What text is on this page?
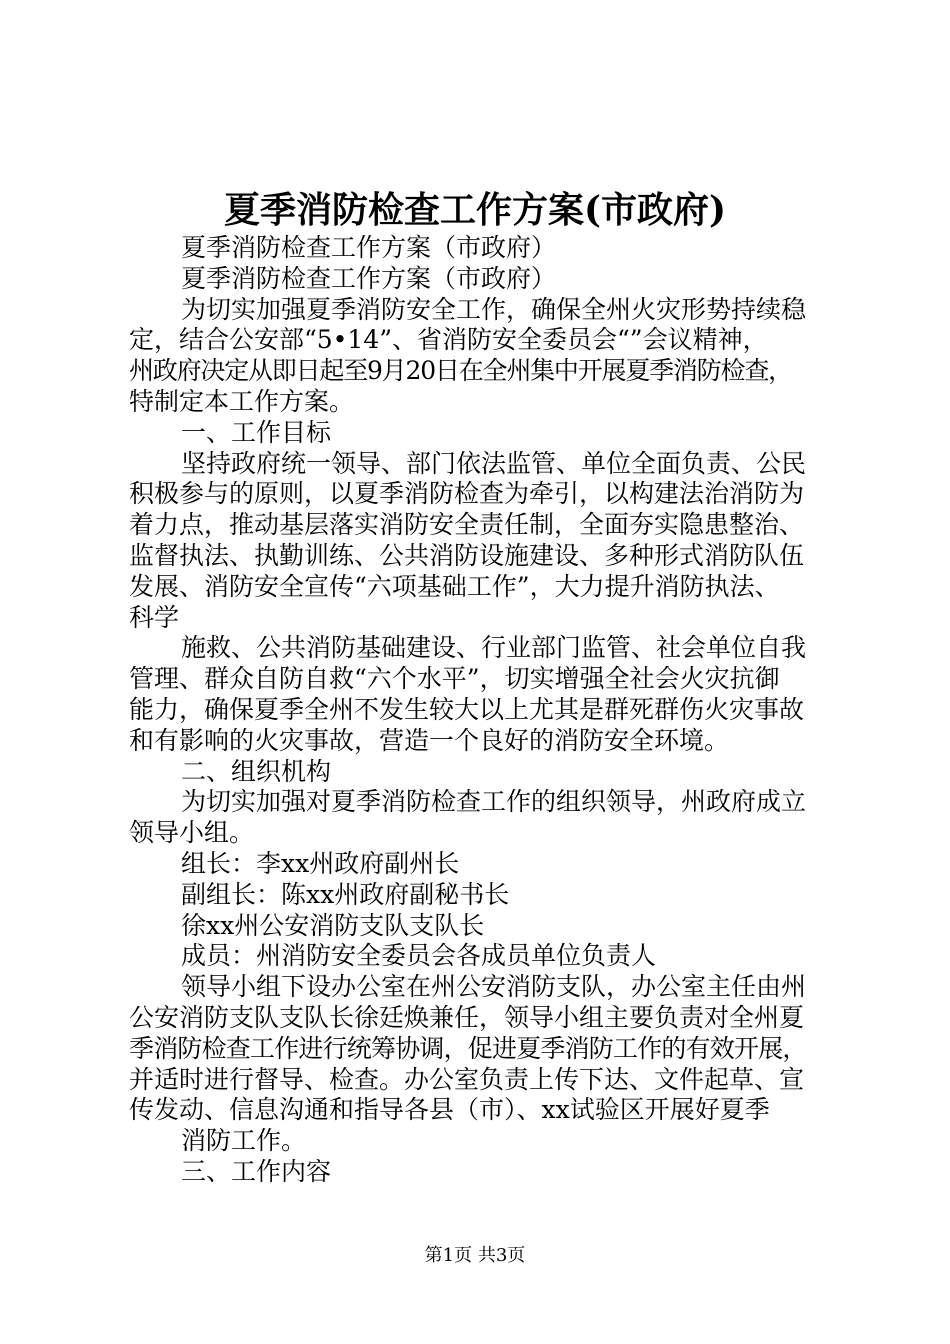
夏季消防检查工作方案(市政府)

夏季消防检查工作方案（市政府）

夏季消防检查工作方案（市政府）

为切实加强夏季消防安全工作，确保全州火灾形势持续稳

定，结合公安部“5•14”、省消防安全委员会“”会议精神，

州政府决定从即日起至9月20日在全州集中开展夏季消防检查，

特制定本工作方案。

一、工作目标

坚持政府统一领导、部门依法监管、单位全面负责、公民

积极参与的原则，以夏季消防检查为牵引，以构建法治消防为

着力点，推动基层落实消防安全责任制，全面夯实隐患整治、

监督执法、执勤训练、公共消防设施建设、多种形式消防队伍

发展、消防安全宣传“六项基础工作”，大力提升消防执法、

科学

施救、公共消防基础建设、行业部门监管、社会单位自我

管理、群众自防自救“六个水平”，切实增强全社会火灾抗御

能力，确保夏季全州不发生较大以上尤其是群死群伤火灾事故

和有影响的火灾事故，营造一个良好的消防安全环境。

二、组织机构

为切实加强对夏季消防检查工作的组织领导，州政府成立

领导小组。

组长：李xx州政府副州长

副组长：陈xx州政府副秘书长

徐xx州公安消防支队支队长

成员：州消防安全委员会各成员单位负责人

领导小组下设办公室在州公安消防支队，办公室主任由州

公安消防支队支队长徐廷焕兼任，领导小组主要负责对全州夏

季消防检查工作进行统筹协调，促进夏季消防工作的有效开展，

并适时进行督导、检查。办公室负责上传下达、文件起草、宣

传发动、信息沟通和指导各县（市）、xx试验区开展好夏季

消防工作。

三、工作内容

第1页 共3页
